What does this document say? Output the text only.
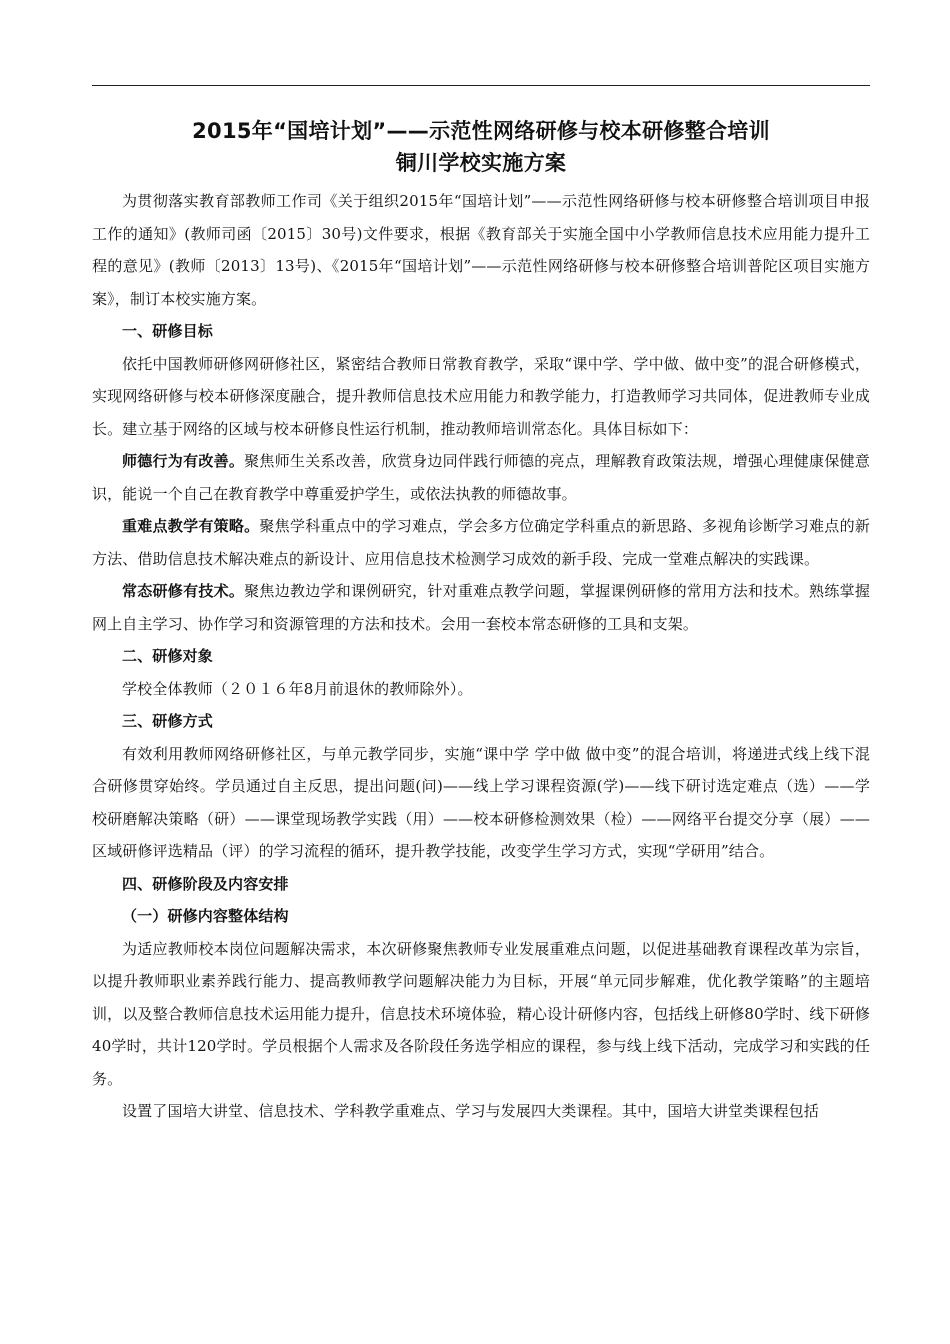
2015年“国培计划”——示范性网络研修与校本研修整合培训
铜川学校实施方案

为贯彻落实教育部教师工作司《关于组织2015年“国培计划”——示范性网络研修与校本研修整合培训项目申报工作的通知》(教师司函〔2015〕30号)文件要求，根据《教育部关于实施全国中小学教师信息技术应用能力提升工程的意见》(教师〔2013〕13号)、《2015年“国培计划”——示范性网络研修与校本研修整合培训普陀区项目实施方案》，制订本校实施方案。

一、研修目标

依托中国教师研修网研修社区，紧密结合教师日常教育教学，采取“课中学、学中做、做中变”的混合研修模式，实现网络研修与校本研修深度融合，提升教师信息技术应用能力和教学能力，打造教师学习共同体，促进教师专业成长。建立基于网络的区域与校本研修良性运行机制，推动教师培训常态化。具体目标如下：

师德行为有改善。聚焦师生关系改善，欣赏身边同伴践行师德的亮点，理解教育政策法规，增强心理健康保健意识，能说一个自己在教育教学中尊重爱护学生，或依法执教的师德故事。

重难点教学有策略。聚焦学科重点中的学习难点，学会多方位确定学科重点的新思路、多视角诊断学习难点的新方法、借助信息技术解决难点的新设计、应用信息技术检测学习成效的新手段、完成一堂难点解决的实践课。

常态研修有技术。聚焦边教边学和课例研究，针对重难点教学问题，掌握课例研修的常用方法和技术。熟练掌握网上自主学习、协作学习和资源管理的方法和技术。会用一套校本常态研修的工具和支架。

二、研修对象

学校全体教师（２０１６年8月前退休的教师除外）。

三、研修方式

有效利用教师网络研修社区，与单元教学同步，实施“课中学 学中做 做中变”的混合培训，将递进式线上线下混合研修贯穿始终。学员通过自主反思，提出问题(问)——线上学习课程资源(学)——线下研讨选定难点（选）——学校研磨解决策略（研）——课堂现场教学实践（用）——校本研修检测效果（检）——网络平台提交分享（展）——区域研修评选精品（评）的学习流程的循环，提升教学技能，改变学生学习方式，实现“学研用”结合。

四、研修阶段及内容安排

（一）研修内容整体结构

为适应教师校本岗位问题解决需求，本次研修聚焦教师专业发展重难点问题，以促进基础教育课程改革为宗旨，以提升教师职业素养践行能力、提高教师教学问题解决能力为目标，开展“单元同步解难，优化教学策略”的主题培训，以及整合教师信息技术运用能力提升，信息技术环境体验，精心设计研修内容，包括线上研修80学时、线下研修40学时，共计120学时。学员根据个人需求及各阶段任务选学相应的课程，参与线上线下活动，完成学习和实践的任务。

设置了国培大讲堂、信息技术、学科教学重难点、学习与发展四大类课程。其中，国培大讲堂类课程包括
